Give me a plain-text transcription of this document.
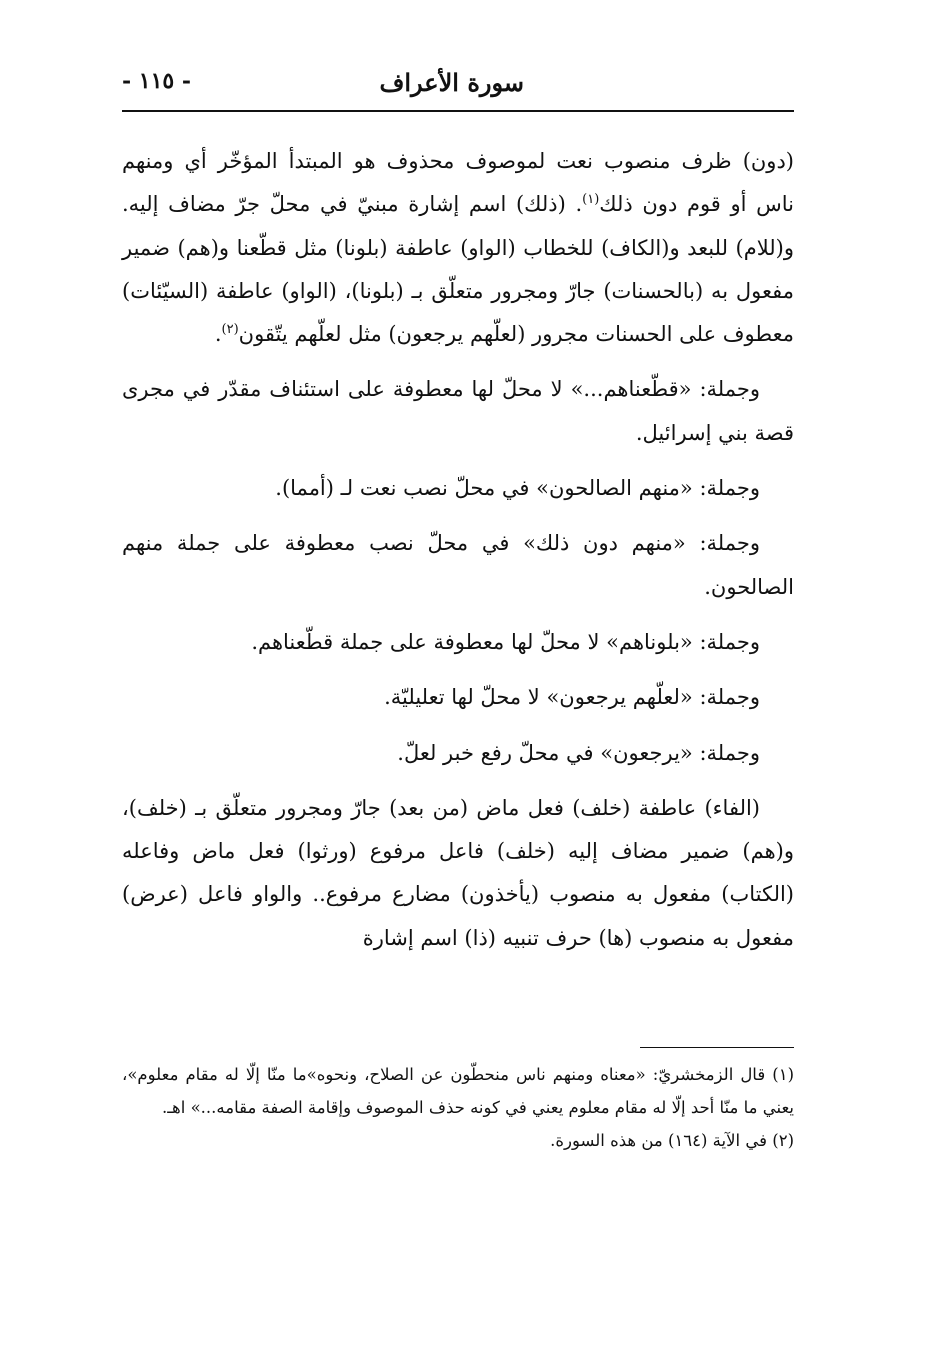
سورة الأعراف
- ١١٥ -

(دون) ظرف منصوب نعت لموصوف محذوف هو المبتدأ المؤخّر أي ومنهم ناس أو قوم دون ذلك$^{(١)}$. (ذلك) اسم إشارة مبنيّ في محلّ جرّ مضاف إليه. و(للام) للبعد و(الكاف) للخطاب (الواو) عاطفة (بلونا) مثل قطّعنا و(هم) ضمير مفعول به (بالحسنات) جارّ ومجرور متعلّق بـ (بلونا)، (الواو) عاطفة (السيّئات) معطوف على الحسنات مجرور (لعلّهم يرجعون) مثل لعلّهم يتّقون$^{(٢)}$.

وجملة: «قطّعناهم...» لا محلّ لها معطوفة على استئناف مقدّر في مجرى قصة بني إسرائيل.

وجملة: «منهم الصالحون» في محلّ نصب نعت لـ (أمما).

وجملة: «منهم دون ذلك» في محلّ نصب معطوفة على جملة منهم الصالحون.

وجملة: «بلوناهم» لا محلّ لها معطوفة على جملة قطّعناهم.

وجملة: «لعلّهم يرجعون» لا محلّ لها تعليليّة.

وجملة: «يرجعون» في محلّ رفع خبر لعلّ.

(الفاء) عاطفة (خلف) فعل ماض (من بعد) جارّ ومجرور متعلّق بـ (خلف)، و(هم) ضمير مضاف إليه (خلف) فاعل مرفوع (ورثوا) فعل ماض وفاعله (الكتاب) مفعول به منصوب (يأخذون) مضارع مرفوع.. والواو فاعل (عرض) مفعول به منصوب (ها) حرف تنبيه (ذا) اسم إشارة

(١) قال الزمخشريّ: «معناه ومنهم ناس منحطّون عن الصلاح، ونحوه»ما منّا إلّا له مقام معلوم»، يعني ما منّا أحد إلّا له مقام معلوم يعني في كونه حذف الموصوف وإقامة الصفة مقامه...» اهـ.

(٢) في الآية (١٦٤) من هذه السورة.
